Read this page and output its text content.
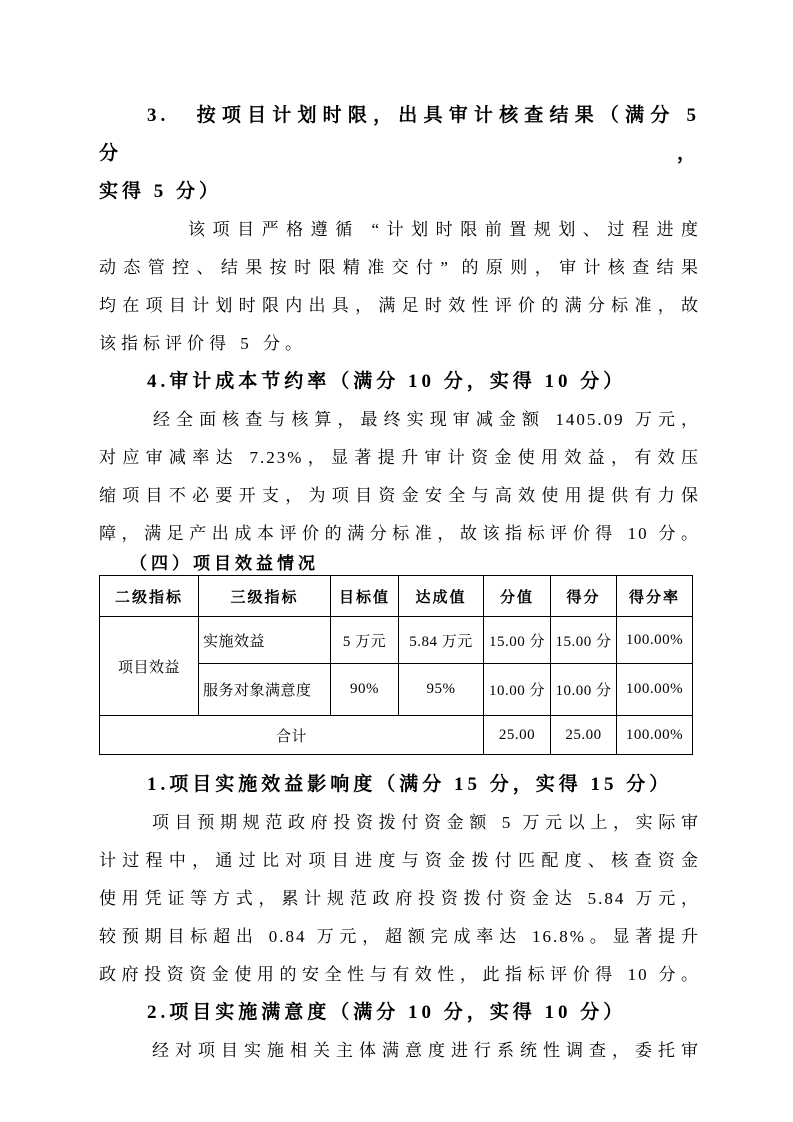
3.　按项目计划时限，出具审计核查结果（满分 5 分，
实得 5 分）
该项目严格遵循 “计划时限前置规划、过程进度
动态管控、结果按时限精准交付” 的原则，审计核查结果
均在项目计划时限内出具，满足时效性评价的满分标准，故
该指标评价得 5 分。
4.审计成本节约率（满分 10 分，实得 10 分）
经全面核查与核算，最终实现审减金额 1405.09 万元，
对应审减率达 7.23%，显著提升审计资金使用效益，有效压
缩项目不必要开支，为项目资金安全与高效使用提供有力保
障，满足产出成本评价的满分标准，故该指标评价得 10 分。
（四）项目效益情况
二级指标	三级指标	目标值	达成值	分值	得分	得分率
项目效益	实施效益	5 万元	5.84 万元	15.00 分	15.00 分	100.00%
	服务对象满意度	90%	95%	10.00 分	10.00 分	100.00%
合计				25.00	25.00	100.00%
1.项目实施效益影响度（满分 15 分，实得 15 分）
项目预期规范政府投资拨付资金额 5 万元以上，实际审
计过程中，通过比对项目进度与资金拨付匹配度、核查资金
使用凭证等方式，累计规范政府投资拨付资金达 5.84 万元，
较预期目标超出 0.84 万元，超额完成率达 16.8%。显著提升
政府投资资金使用的安全性与有效性，此指标评价得 10 分。
2.项目实施满意度（满分 10 分，实得 10 分）
经对项目实施相关主体满意度进行系统性调查，委托审
